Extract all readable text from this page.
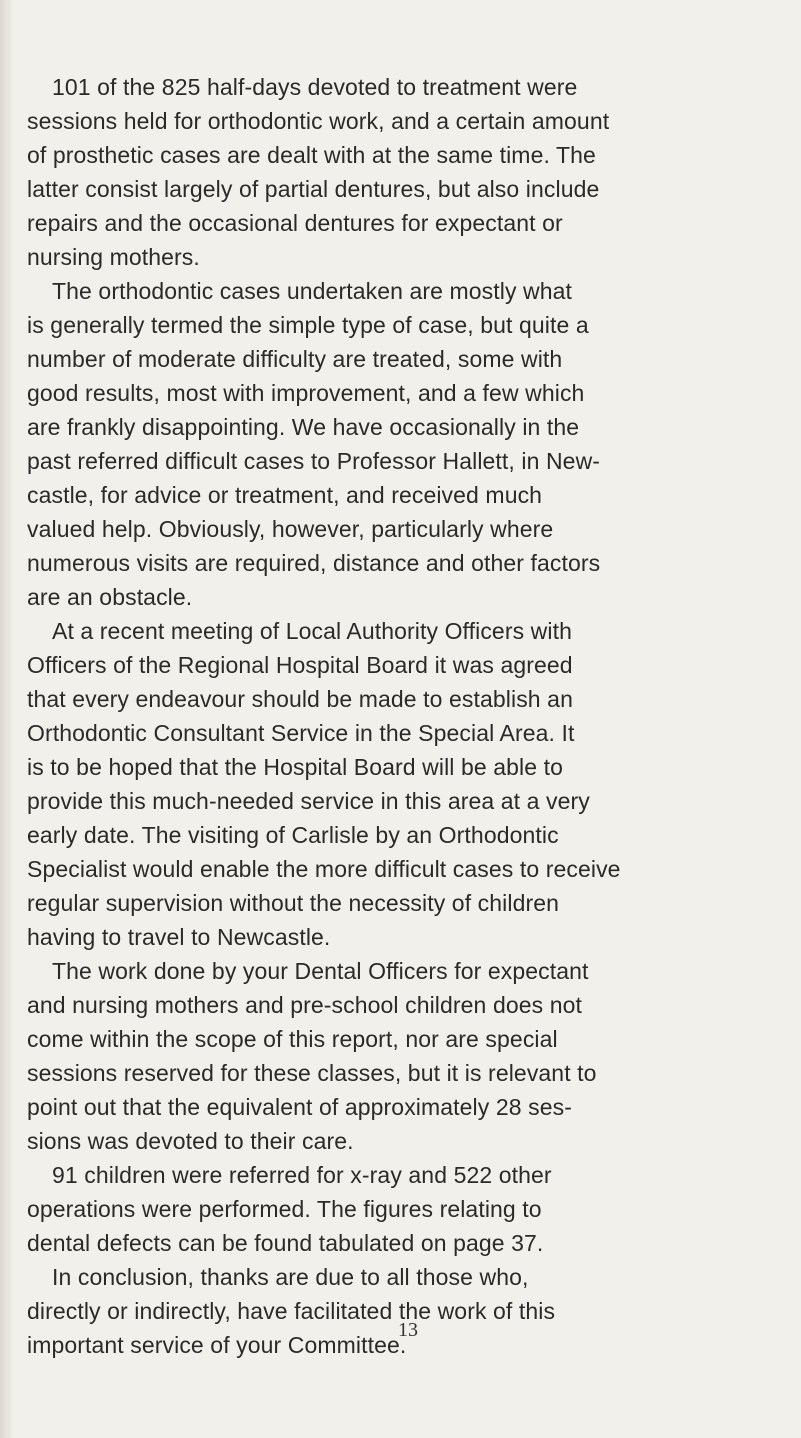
101 of the 825 half-days devoted to treatment were
sessions held for orthodontic work, and a certain amount
of prosthetic cases are dealt with at the same time. The
latter consist largely of partial dentures, but also include
repairs and the occasional dentures for expectant or
nursing mothers.
The orthodontic cases undertaken are mostly what
is generally termed the simple type of case, but quite a
number of moderate difficulty are treated, some with
good results, most with improvement, and a few which
are frankly disappointing. We have occasionally in the
past referred difficult cases to Professor Hallett, in New-
castle, for advice or treatment, and received much
valued help. Obviously, however, particularly where
numerous visits are required, distance and other factors
are an obstacle.
At a recent meeting of Local Authority Officers with
Officers of the Regional Hospital Board it was agreed
that every endeavour should be made to establish an
Orthodontic Consultant Service in the Special Area. It
is to be hoped that the Hospital Board will be able to
provide this much-needed service in this area at a very
early date. The visiting of Carlisle by an Orthodontic
Specialist would enable the more difficult cases to receive
regular supervision without the necessity of children
having to travel to Newcastle.
The work done by your Dental Officers for expectant
and nursing mothers and pre-school children does not
come within the scope of this report, nor are special
sessions reserved for these classes, but it is relevant to
point out that the equivalent of approximately 28 ses-
sions was devoted to their care.
91 children were referred for x-ray and 522 other
operations were performed. The figures relating to
dental defects can be found tabulated on page 37.
In conclusion, thanks are due to all those who,
directly or indirectly, have facilitated the work of this
important service of your Committee.
13
